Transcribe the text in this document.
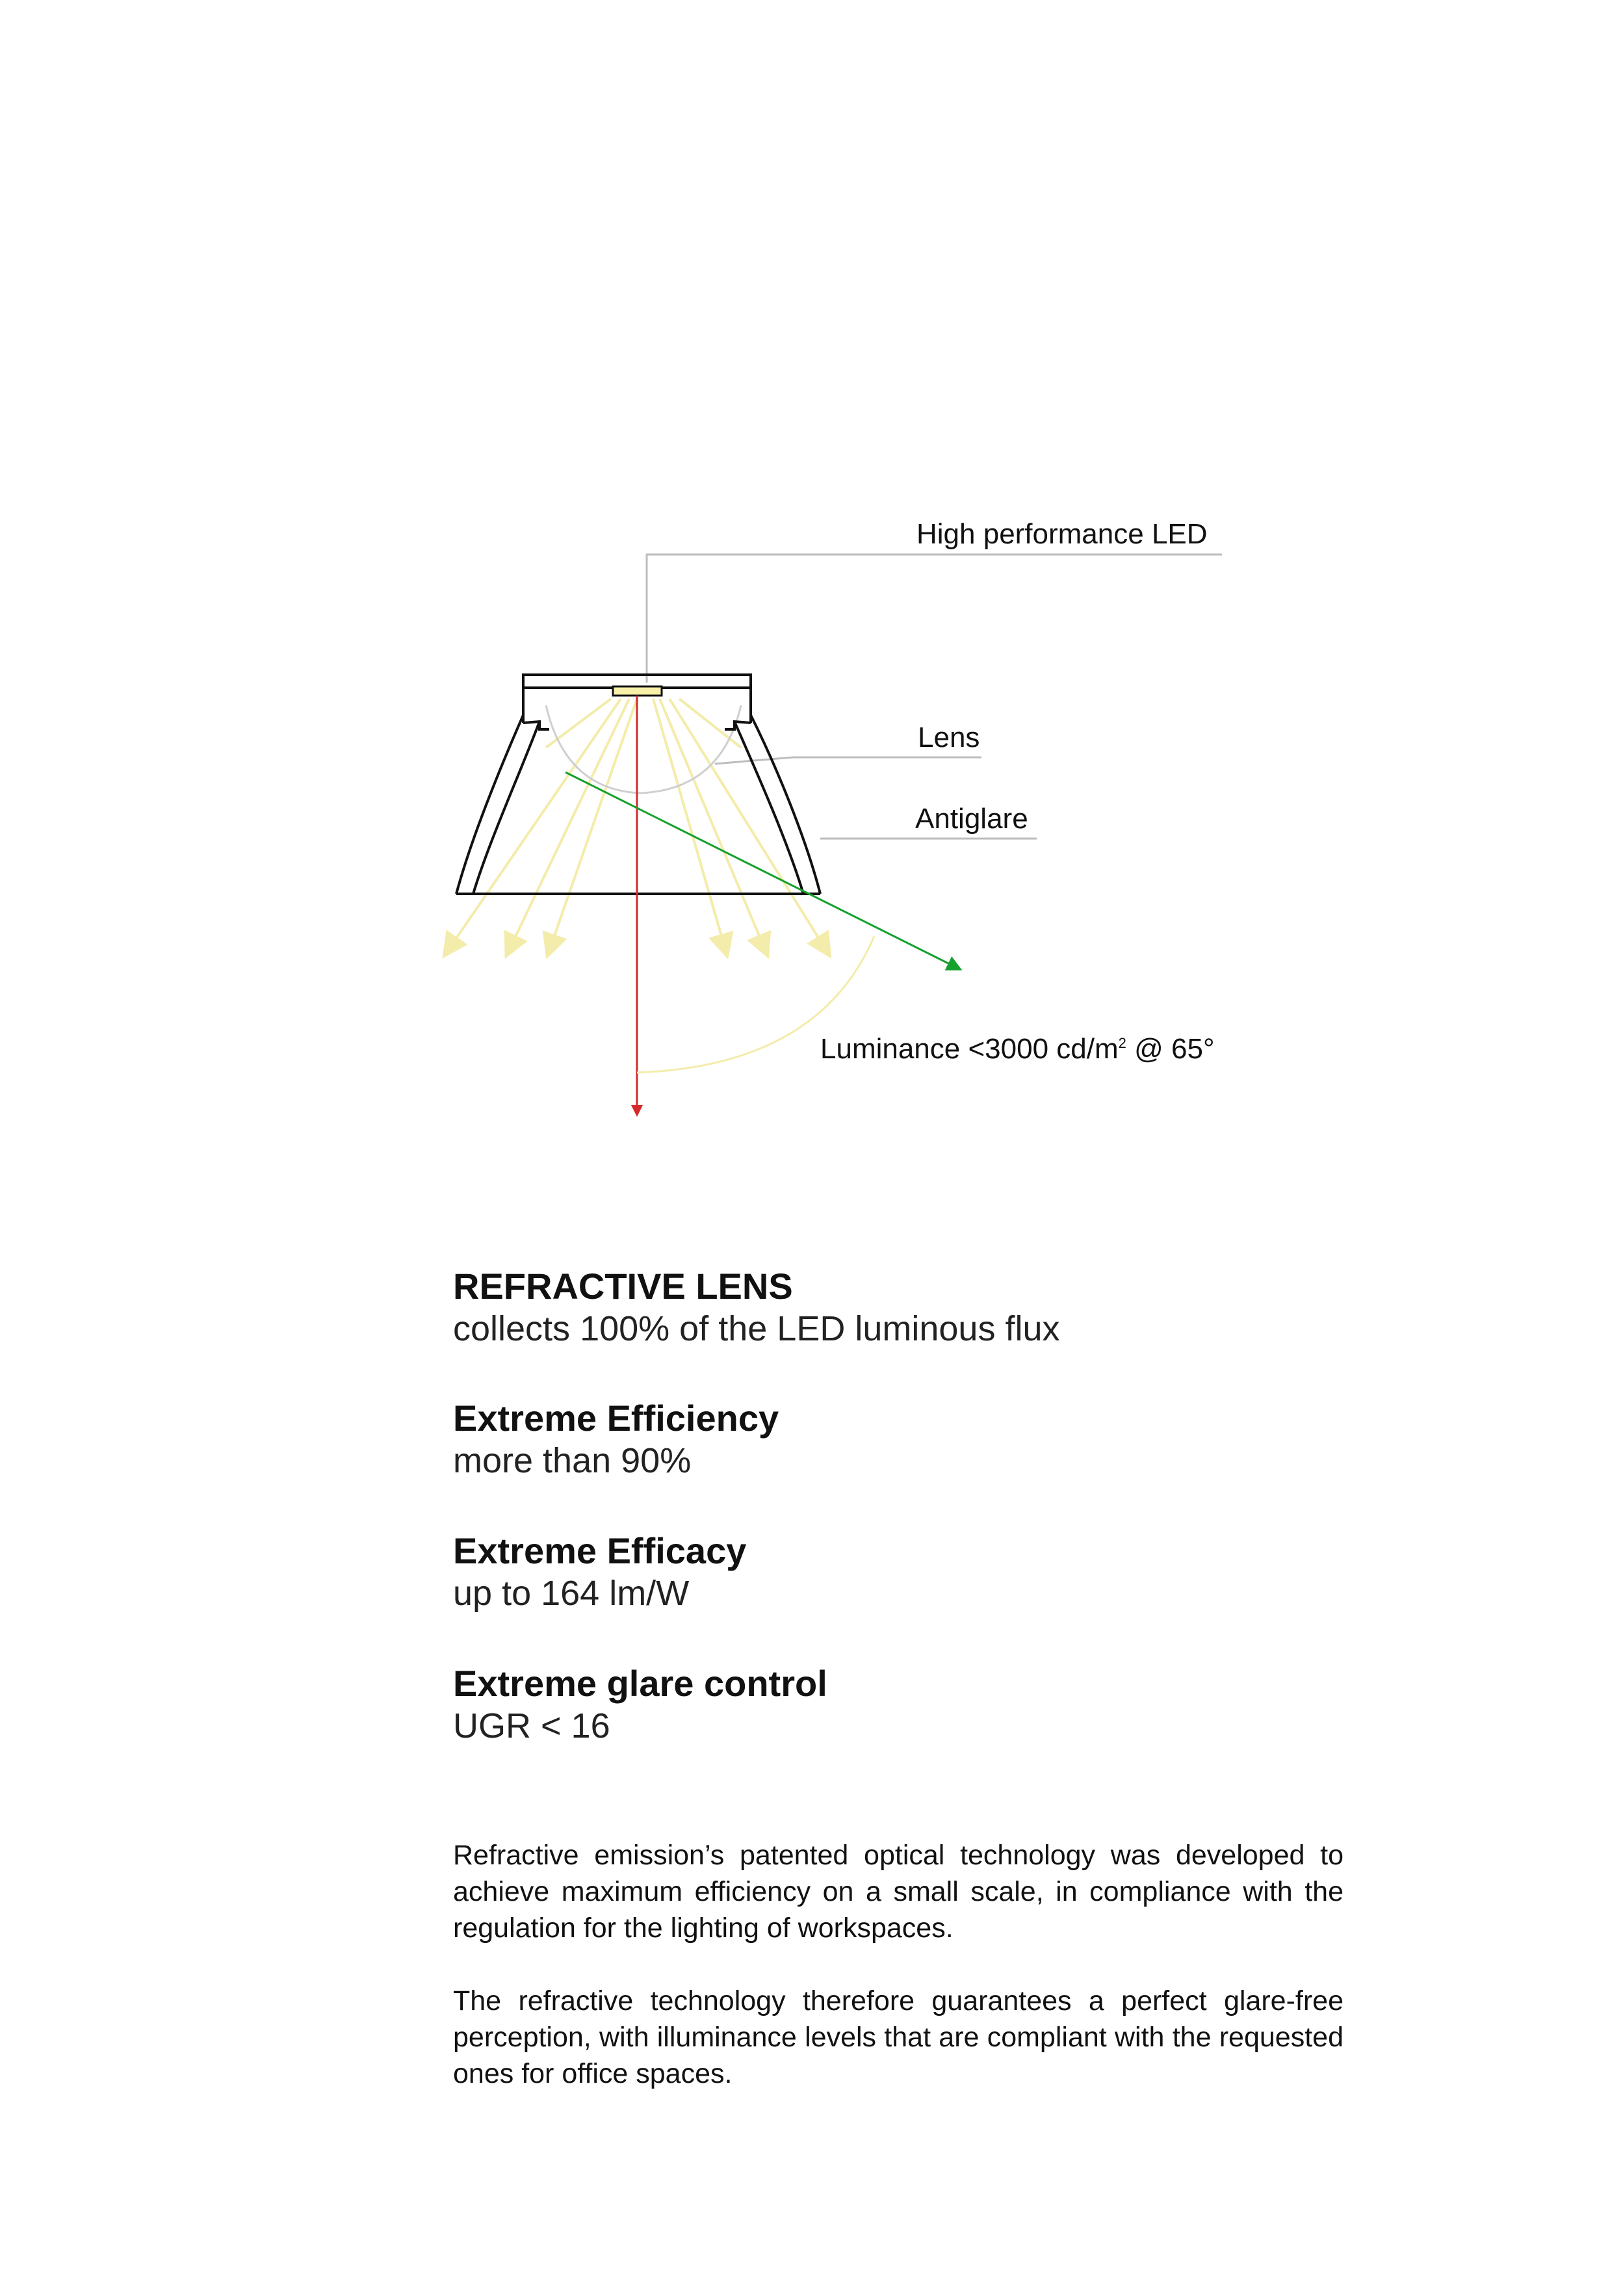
High performance LED
Lens
Antiglare
Luminance <3000 $cd/m^2$ @ 65°
REFRACTIVE LENS
collects 100% of the LED luminous flux
Extreme Efficiency
more than 90%
Extreme Efficacy
up to 164 lm/W
Extreme glare control
UGR < 16
Refractive emission’s patented optical technology was developed to achieve maximum efficiency on a small scale, in compliance with the regulation for the lighting of workspaces.
The refractive technology therefore guarantees a perfect glare-free perception, with illuminance levels that are compliant with the requested ones for office spaces.
